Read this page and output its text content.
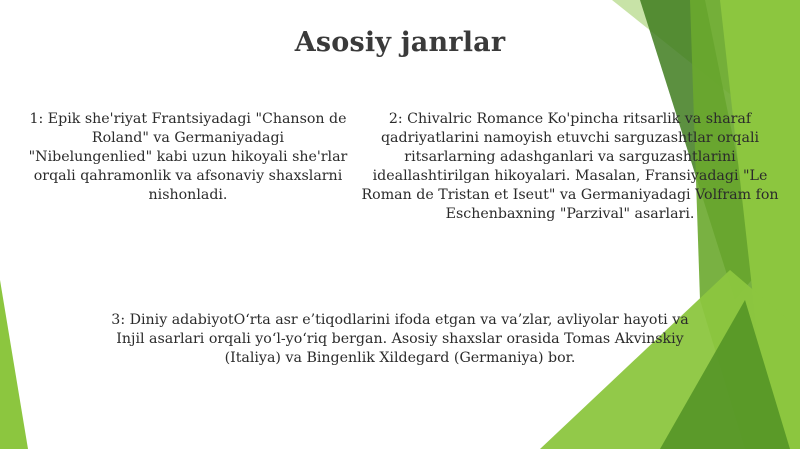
Asosiy janrlar
1: Epik she'riyat Frantsiyadagi "Chanson de Roland" va Germaniyadagi "Nibelungenlied" kabi uzun hikoyali she'rlar orqali qahramonlik va afsonaviy shaxslarni nishonladi.
2: Chivalric Romance Ko'pincha ritsarlik va sharaf qadriyatlarini namoyish etuvchi sarguzashtlar orqali ritsarlarning adashganlari va sarguzashtlarini ideallashtirilgan hikoyalari. Masalan, Fransiyadagi "Le Roman de Tristan et Iseut" va Germaniyadagi Volfram fon Eschenbaxning "Parzival" asarlari.
3: Diniy adabiyotO‘rta asr e’tiqodlarini ifoda etgan va va’zlar, avliyolar hayoti va Injil asarlari orqali yo‘l-yo‘riq bergan. Asosiy shaxslar orasida Tomas Akvinskiy (Italiya) va Bingenlik Xildegard (Germaniya) bor.
